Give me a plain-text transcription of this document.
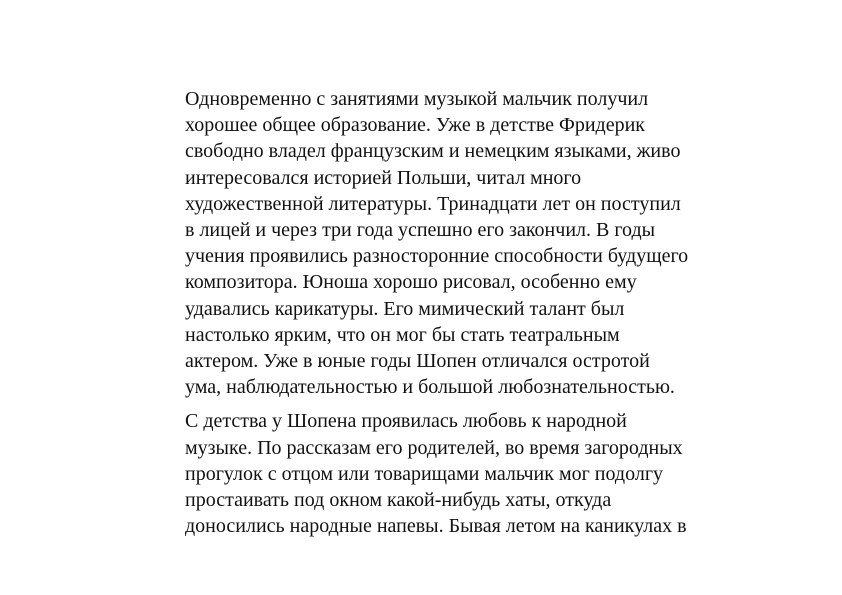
Одновременно с занятиями музыкой мальчик получил
хорошее общее образование. Уже в детстве Фридерик
свободно владел французским и немецким языками, живо
интересовался историей Польши, читал много
художественной литературы. Тринадцати лет он поступил
в лицей и через три года успешно его закончил. В годы
учения проявились разносторонние способности будущего
композитора. Юноша хорошо рисовал, особенно ему
удавались карикатуры. Его мимический талант был
настолько ярким, что он мог бы стать театральным
актером. Уже в юные годы Шопен отличался остротой
ума, наблюдательностью и большой любознательностью.
С детства у Шопена проявилась любовь к народной
музыке. По рассказам его родителей, во время загородных
прогулок с отцом или товарищами мальчик мог подолгу
простаивать под окном какой-нибудь хаты, откуда
доносились народные напевы. Бывая летом на каникулах в
